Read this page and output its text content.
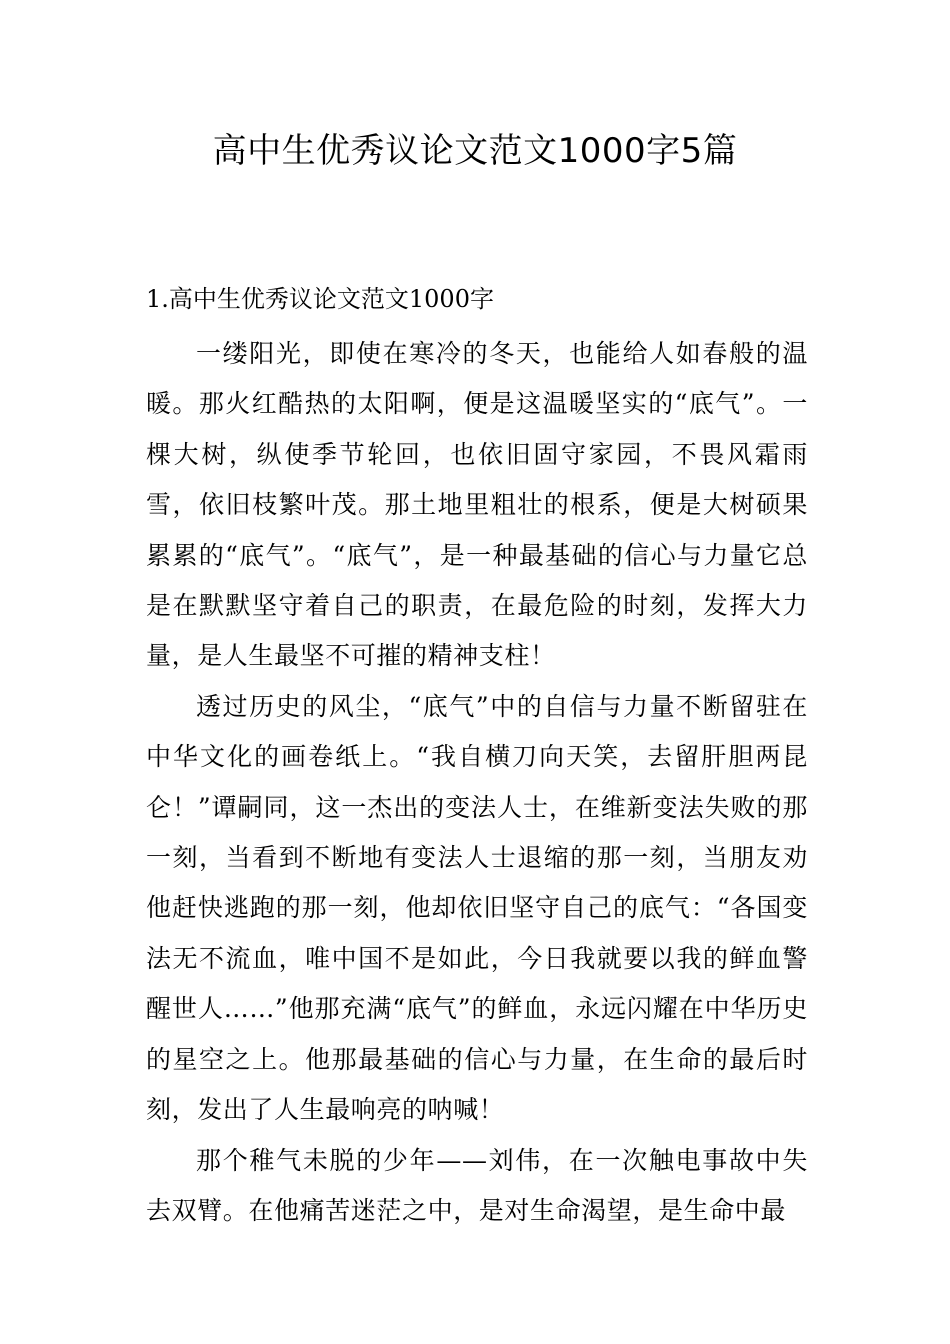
高中生优秀议论文范文1000字5篇
1.高中生优秀议论文范文1000字

一缕阳光，即使在寒冷的冬天，也能给人如春般的温暖。那火红酷热的太阳啊，便是这温暖坚实的“底气”。一棵大树，纵使季节轮回，也依旧固守家园，不畏风霜雨雪，依旧枝繁叶茂。那土地里粗壮的根系，便是大树硕果累累的“底气”。“底气”，是一种最基础的信心与力量它总是在默默坚守着自己的职责，在最危险的时刻，发挥大力量，是人生最坚不可摧的精神支柱！

透过历史的风尘，“底气”中的自信与力量不断留驻在中华文化的画卷纸上。“我自横刀向天笑，去留肝胆两昆仑！”谭嗣同，这一杰出的变法人士，在维新变法失败的那一刻，当看到不断地有变法人士退缩的那一刻，当朋友劝他赶快逃跑的那一刻，他却依旧坚守自己的底气：“各国变法无不流血，唯中国不是如此，今日我就要以我的鲜血警醒世人……”他那充满“底气”的鲜血，永远闪耀在中华历史的星空之上。他那最基础的信心与力量，在生命的最后时刻，发出了人生最响亮的呐喊！

那个稚气未脱的少年——刘伟，在一次触电事故中失去双臂。在他痛苦迷茫之中，是对生命渴望，是生命中最
